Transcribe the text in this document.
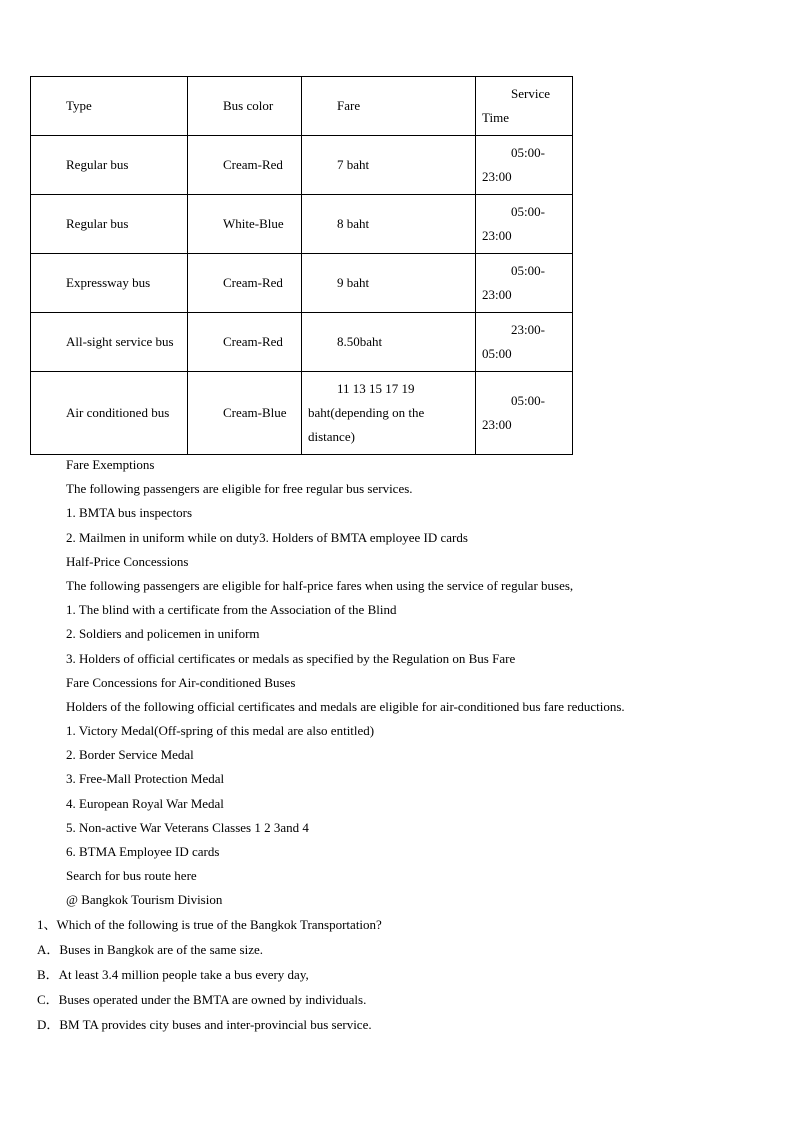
Type	Bus color	Fare	Service Time
Regular bus	Cream-Red	7 baht	05:00-23:00
Regular bus	White-Blue	8 baht	05:00-23:00
Expressway bus	Cream-Red	9 baht	05:00-23:00
All-sight service bus	Cream-Red	8.50baht	23:00-05:00
Air conditioned bus	Cream-Blue	11 13 15 17 19 baht(depending on the distance)	05:00-23:00
Fare Exemptions
The following passengers are eligible for free regular bus services.
1. BMTA bus inspectors
2. Mailmen in uniform while on duty3. Holders of BMTA employee ID cards
Half-Price Concessions
The following passengers are eligible for half-price fares when using the service of regular buses,
1. The blind with a certificate from the Association of the Blind
2. Soldiers and policemen in uniform
3. Holders of official certificates or medals as specified by the Regulation on Bus Fare
Fare Concessions for Air-conditioned Buses
Holders of the following official certificates and medals are eligible for air-conditioned bus fare reductions.
1. Victory Medal(Off-spring of this medal are also entitled)
2. Border Service Medal
3. Free-Mall Protection Medal
4. European Royal War Medal
5. Non-active War Veterans Classes 1 2 3and 4
6. BTMA Employee ID cards
Search for bus route here
@ Bangkok Tourism Division
1、Which of the following is true of the Bangkok Transportation?
A．Buses in Bangkok are of the same size.
B．At least 3.4 million people take a bus every day,
C．Buses operated under the BMTA are owned by individuals.
D．BM TA provides city buses and inter-provincial bus service.
